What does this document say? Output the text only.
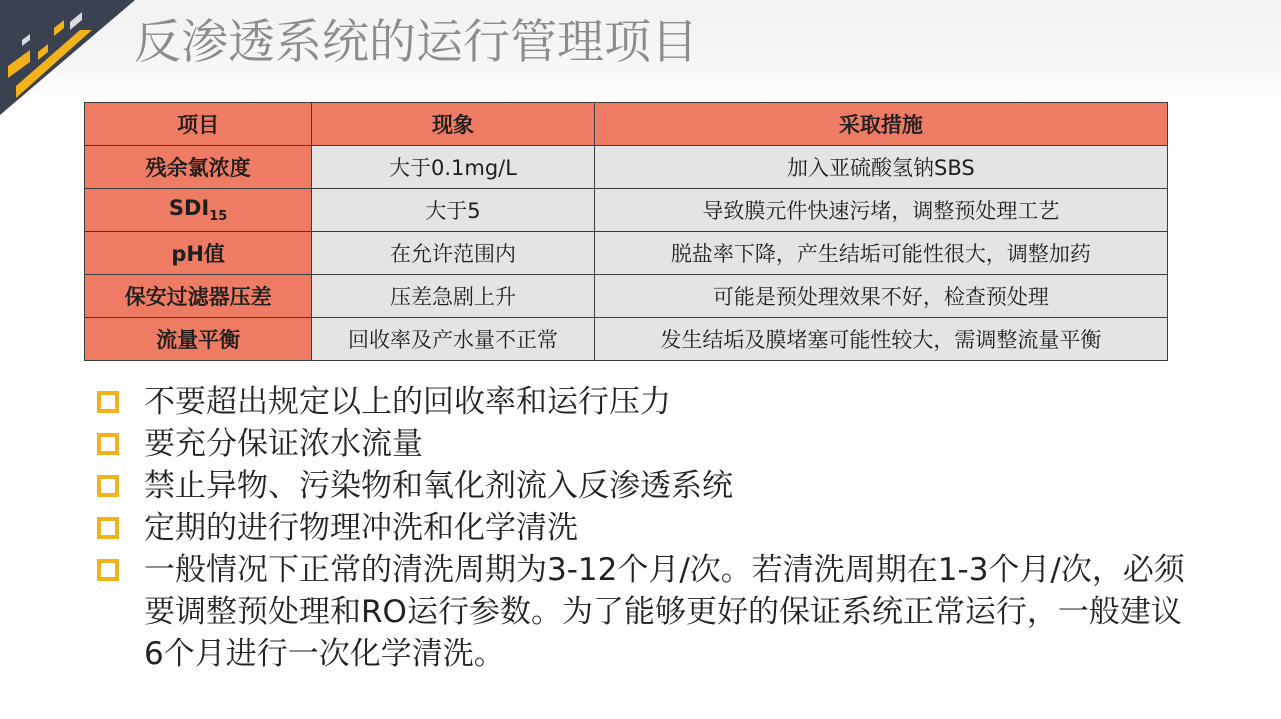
反渗透系统的运行管理项目
项目	现象	采取措施
残余氯浓度	大于0.1mg/L	加入亚硫酸氢钠SBS
$SDI_{15}$	大于5	导致膜元件快速污堵，调整预处理工艺
pH值	在允许范围内	脱盐率下降，产生结垢可能性很大，调整加药
保安过滤器压差	压差急剧上升	可能是预处理效果不好，检查预处理
流量平衡	回收率及产水量不正常	发生结垢及膜堵塞可能性较大，需调整流量平衡
不要超出规定以上的回收率和运行压力
要充分保证浓水流量
禁止异物、污染物和氧化剂流入反渗透系统
定期的进行物理冲洗和化学清洗
一般情况下正常的清洗周期为3-12个月/次。若清洗周期在1-3个月/次，必须要调整预处理和RO运行参数。为了能够更好的保证系统正常运行，一般建议6个月进行一次化学清洗。
